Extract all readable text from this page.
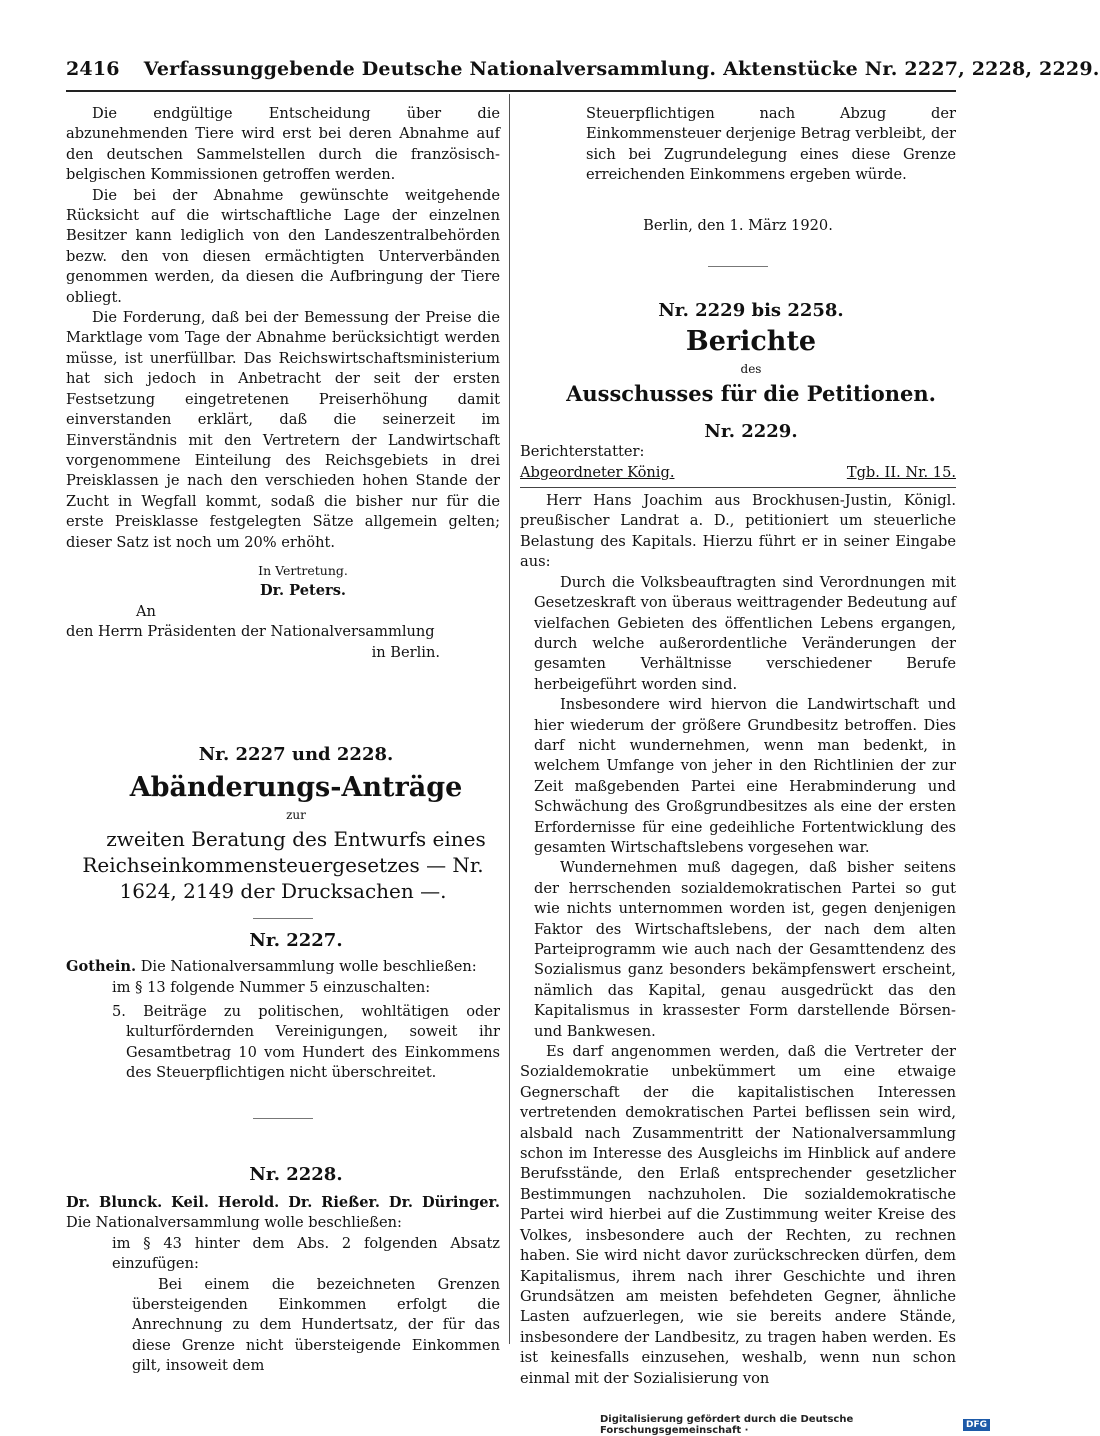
2416 Verfassunggebende Deutsche Nationalversammlung. Aktenstücke Nr. 2227, 2228, 2229.

Die endgültige Entscheidung über die abzunehmenden Tiere wird erst bei deren Abnahme auf den deutschen Sammelstellen durch die französisch-belgischen Kommissionen getroffen werden.

Die bei der Abnahme gewünschte weitgehende Rücksicht auf die wirtschaftliche Lage der einzelnen Besitzer kann lediglich von den Landeszentralbehörden bezw. den von diesen ermächtigten Unterverbänden genommen werden, da diesen die Aufbringung der Tiere obliegt.

Die Forderung, daß bei der Bemessung der Preise die Marktlage vom Tage der Abnahme berücksichtigt werden müsse, ist unerfüllbar. Das Reichswirtschaftsministerium hat sich jedoch in Anbetracht der seit der ersten Festsetzung eingetretenen Preiserhöhung damit einverstanden erklärt, daß die seinerzeit im Einverständnis mit den Vertretern der Landwirtschaft vorgenommene Einteilung des Reichsgebiets in drei Preisklassen je nach den verschieden hohen Stande der Zucht in Wegfall kommt, sodaß die bisher nur für die erste Preisklasse festgelegten Sätze allgemein gelten; dieser Satz ist noch um 20% erhöht.

In Vertretung.

Dr. Peters.

An

den Herrn Präsidenten der Nationalversammlung

in Berlin.

Nr. 2227 und 2228.

Abänderungs-Anträge

zur

zweiten Beratung des Entwurfs eines Reichseinkommensteuergesetzes — Nr. 1624, 2149 der Drucksachen —.

Nr. 2227.

Gothein. Die Nationalversammlung wolle beschließen:

im § 13 folgende Nummer 5 einzuschalten:

5. Beiträge zu politischen, wohltätigen oder kulturfördernden Vereinigungen, soweit ihr Gesamtbetrag 10 vom Hundert des Einkommens des Steuerpflichtigen nicht überschreitet.

Nr. 2228.

Dr. Blunck. Keil. Herold. Dr. Rießer. Dr. Düringer. Die Nationalversammlung wolle beschließen:

im § 43 hinter dem Abs. 2 folgenden Absatz einzufügen:

Bei einem die bezeichneten Grenzen übersteigenden Einkommen erfolgt die Anrechnung zu dem Hundertsatz, der für das diese Grenze nicht übersteigende Einkommen gilt, insoweit dem

Steuerpflichtigen nach Abzug der Einkommensteuer derjenige Betrag verbleibt, der sich bei Zugrundelegung eines diese Grenze erreichenden Einkommens ergeben würde.

Berlin, den 1. März 1920.

Nr. 2229 bis 2258.

Berichte

des

Ausschusses für die Petitionen.

Nr. 2229.

Berichterstatter:

Abgeordneter König.	Tgb. II. Nr. 15.

Herr Hans Joachim aus Brockhusen-Justin, Königl. preußischer Landrat a. D., petitioniert um steuerliche Belastung des Kapitals. Hierzu führt er in seiner Eingabe aus:

Durch die Volksbeauftragten sind Verordnungen mit Gesetzeskraft von überaus weittragender Bedeutung auf vielfachen Gebieten des öffentlichen Lebens ergangen, durch welche außerordentliche Veränderungen der gesamten Verhältnisse verschiedener Berufe herbeigeführt worden sind.

Insbesondere wird hiervon die Landwirtschaft und hier wiederum der größere Grundbesitz betroffen. Dies darf nicht wundernehmen, wenn man bedenkt, in welchem Umfange von jeher in den Richtlinien der zur Zeit maßgebenden Partei eine Herabminderung und Schwächung des Großgrundbesitzes als eine der ersten Erfordernisse für eine gedeihliche Fortentwicklung des gesamten Wirtschaftslebens vorgesehen war.

Wundernehmen muß dagegen, daß bisher seitens der herrschenden sozialdemokratischen Partei so gut wie nichts unternommen worden ist, gegen denjenigen Faktor des Wirtschaftslebens, der nach dem alten Parteiprogramm wie auch nach der Gesamttendenz des Sozialismus ganz besonders bekämpfenswert erscheint, nämlich das Kapital, genau ausgedrückt das den Kapitalismus in krassester Form darstellende Börsen- und Bankwesen.

Es darf angenommen werden, daß die Vertreter der Sozialdemokratie unbekümmert um eine etwaige Gegnerschaft der die kapitalistischen Interessen vertretenden demokratischen Partei beflissen sein wird, alsbald nach Zusammentritt der Nationalversammlung schon im Interesse des Ausgleichs im Hinblick auf andere Berufsstände, den Erlaß entsprechender gesetzlicher Bestimmungen nachzuholen. Die sozialdemokratische Partei wird hierbei auf die Zustimmung weiter Kreise des Volkes, insbesondere auch der Rechten, zu rechnen haben. Sie wird nicht davor zurückschrecken dürfen, dem Kapitalismus, ihrem nach ihrer Geschichte und ihren Grundsätzen am meisten befehdeten Gegner, ähnliche Lasten aufzuerlegen, wie sie bereits andere Stände, insbesondere der Landbesitz, zu tragen haben werden. Es ist keinesfalls einzusehen, weshalb, wenn nun schon einmal mit der Sozialisierung von

Digitalisierung gefördert durch die Deutsche Forschungsgemeinschaft ·	DFG
